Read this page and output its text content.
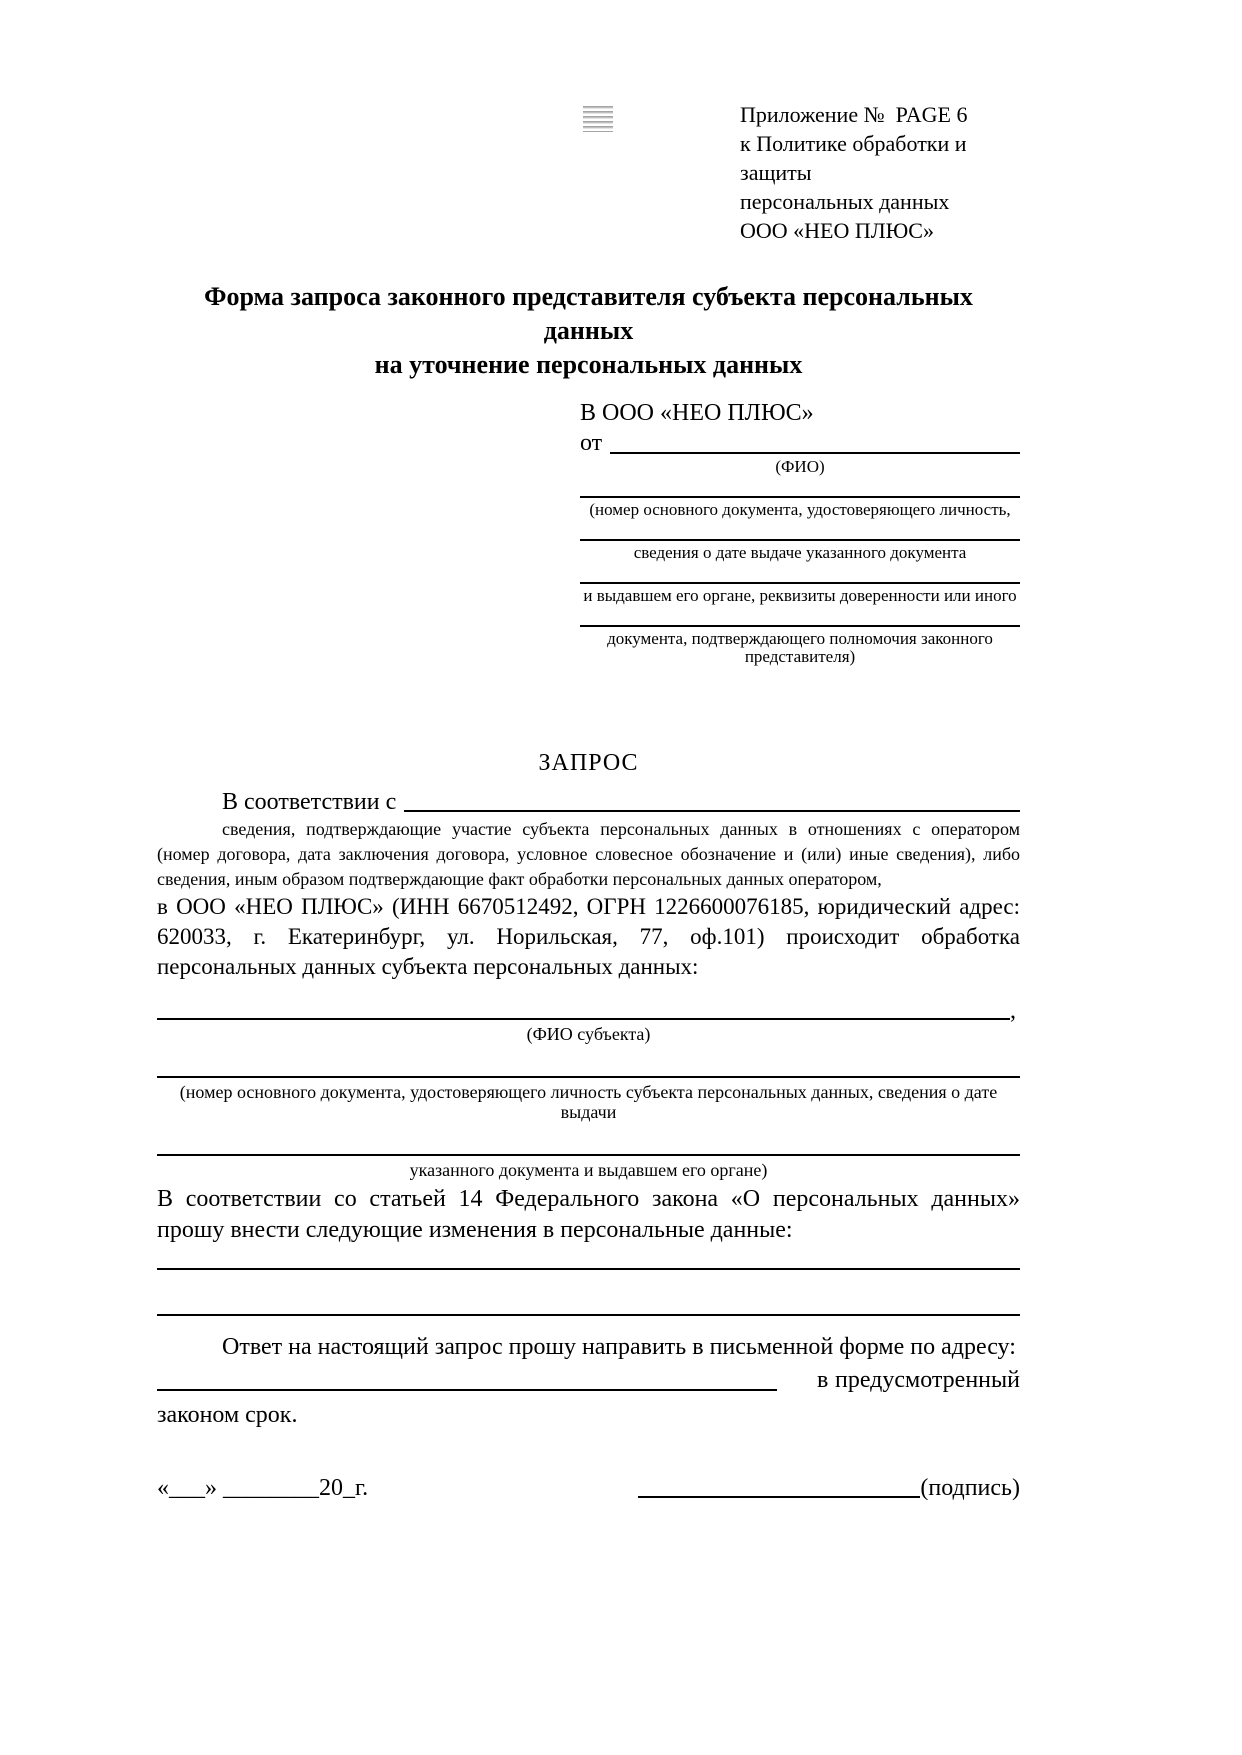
Приложение №  PAGE 6
к Политике обработки и защиты
персональных данных
ООО «НЕО ПЛЮС»
Форма запроса законного представителя субъекта персональных данных
на уточнение персональных данных
В ООО «НЕО ПЛЮС»
от
(ФИО)
(номер основного документа, удостоверяющего личность,
сведения о дате выдаче указанного документа
и выдавшем его органе, реквизиты доверенности или иного
документа, подтверждающего полномочия законного представителя)
ЗАПРОС
В соответствии с
сведения, подтверждающие участие субъекта персональных данных в отношениях с оператором (номер договора, дата заключения договора, условное словесное обозначение и (или) иные сведения), либо сведения, иным образом подтверждающие факт обработки персональных данных оператором,
в ООО «НЕО ПЛЮС» (ИНН 6670512492, ОГРН 1226600076185, юридический адрес: 620033, г. Екатеринбург, ул. Норильская, 77, оф.101) происходит обработка персональных данных субъекта персональных данных:
,
(ФИО субъекта)
(номер основного документа, удостоверяющего личность субъекта персональных данных, сведения о дате выдачи
указанного документа и выдавшем его органе)
В соответствии со статьей 14 Федерального закона «О персональных данных» прошу внести следующие изменения в персональные данные:
Ответ на настоящий запрос прошу направить в письменной форме по адресу:
в предусмотренный
законом срок.
«___» ________20_г.	(подпись)
